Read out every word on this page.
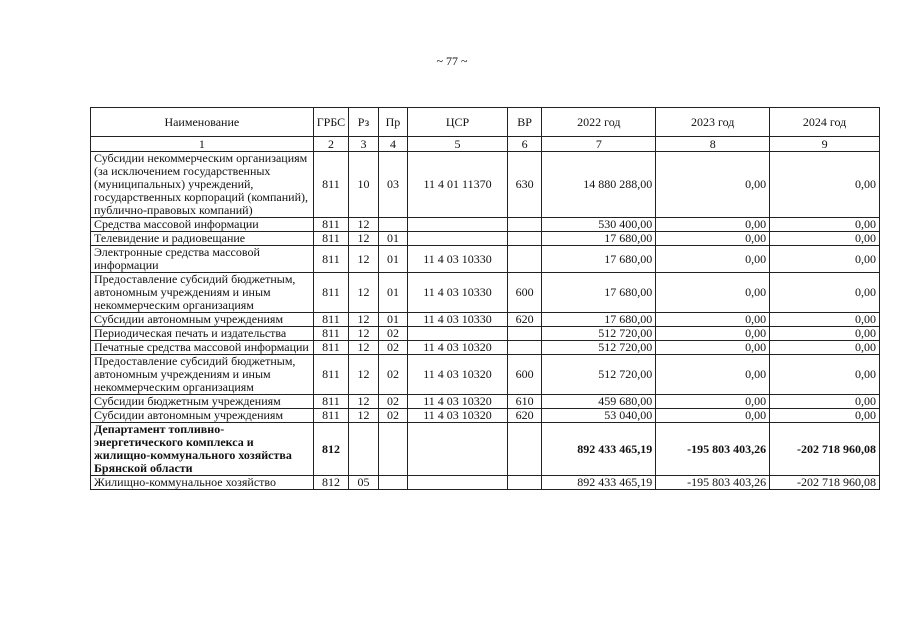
~ 77 ~
Наименование	ГРБС	Рз	Пр	ЦСР	ВР	2022 год	2023 год	2024 год
1	2	3	4	5	6	7	8	9
Субсидии некоммерческим организациям (за исключением государственных (муниципальных) учреждений, государственных корпораций (компаний), публично-правовых компаний)	811	10	03	11 4 01 11370	630	14 880 288,00	0,00	0,00
Средства массовой информации	811	12				530 400,00	0,00	0,00
Телевидение и радиовещание	811	12	01			17 680,00	0,00	0,00
Электронные средства массовой информации	811	12	01	11 4 03 10330		17 680,00	0,00	0,00
Предоставление субсидий бюджетным, автономным учреждениям и иным некоммерческим организациям	811	12	01	11 4 03 10330	600	17 680,00	0,00	0,00
Субсидии автономным учреждениям	811	12	01	11 4 03 10330	620	17 680,00	0,00	0,00
Периодическая печать и издательства	811	12	02			512 720,00	0,00	0,00
Печатные средства массовой информации	811	12	02	11 4 03 10320		512 720,00	0,00	0,00
Предоставление субсидий бюджетным, автономным учреждениям и иным некоммерческим организациям	811	12	02	11 4 03 10320	600	512 720,00	0,00	0,00
Субсидии бюджетным учреждениям	811	12	02	11 4 03 10320	610	459 680,00	0,00	0,00
Субсидии автономным учреждениям	811	12	02	11 4 03 10320	620	53 040,00	0,00	0,00
Департамент топливно-энергетического комплекса и жилищно-коммунального хозяйства Брянской области	812					892 433 465,19	-195 803 403,26	-202 718 960,08
Жилищно-коммунальное хозяйство	812	05				892 433 465,19	-195 803 403,26	-202 718 960,08
